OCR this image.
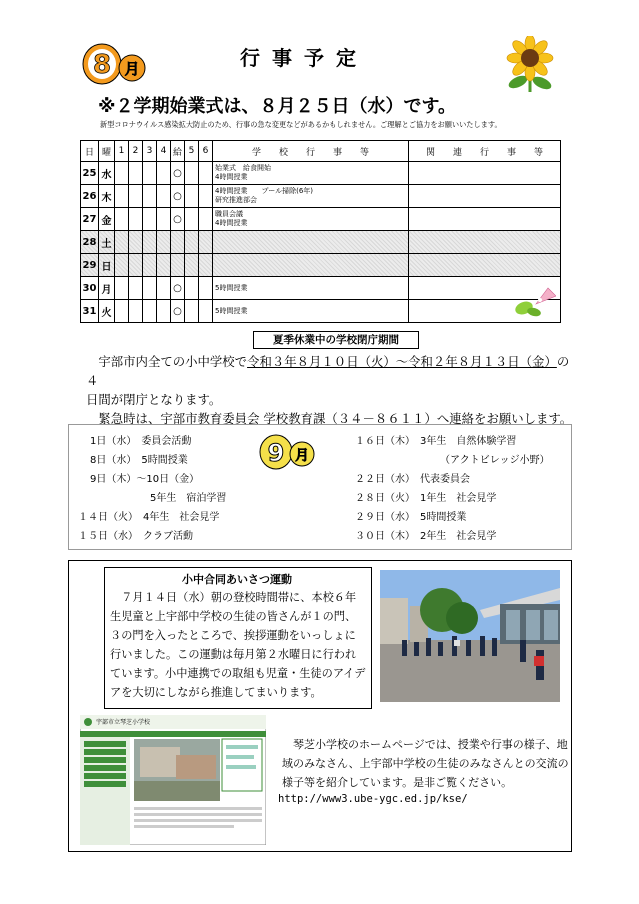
8 月	行事予定
※２学期始業式は、８月２５日（水）です。
新型コロナウイルス感染拡大防止のため、行事の急な変更などがあるかもしれません。ご理解とご協力をお願いいたします。
日	曜	1	2	3	4	給	5	6	学　　校　　行　　事　　等	関　　連　　行　　事　　等
25	水					○			始業式　給食開始
4時間授業	

26	木					○			4時間授業　　プール掃除(6年)
研究推進部会	

27	金					○			職員会議
4時間授業	

28	土									
29	日									
30	月					○			5時間授業	

31	火					○			5時間授業	

夏季休業中の学校閉庁期間
宇部市内全ての小中学校で令和３年８月１０日（火）～令和２年８月１３日（金）の４
日間が閉庁となります。
緊急時は、宇部市教育委員会 学校教育課（３４－８６１１）へ連絡をお願いします。
1日（水）　委員会活動
8日（水）　5時間授業
9日（木）～10日（金）
5年生　宿泊学習
１４日（火）　4年生　社会見学
１５日（水）　クラブ活動
１６日（木）　3年生　自然体験学習
（アクトビレッジ小野）
２２日（水）　代表委員会
２８日（火）　1年生　社会見学
２９日（水）　5時間授業
３０日（木）　2年生　社会見学
9 月
小中合同あいさつ運動
７月１４日（水）朝の登校時間帯に、本校６年生児童と上宇部中学校の生徒の皆さんが１の門、３の門を入ったところで、挨拶運動をいっしょに行いました。この運動は毎月第２水曜日に行われています。小中連携での取組も児童・生徒のアイデアを大切にしながら推進してまいります。
宇部市立琴芝小学校
琴芝小学校のホームページでは、授業や行事の様子、地域のみなさん、上宇部中学校の生徒のみなさんとの交流の様子等を紹介しています。是非ご覧ください。
http://www3.ube-ygc.ed.jp/kse/
